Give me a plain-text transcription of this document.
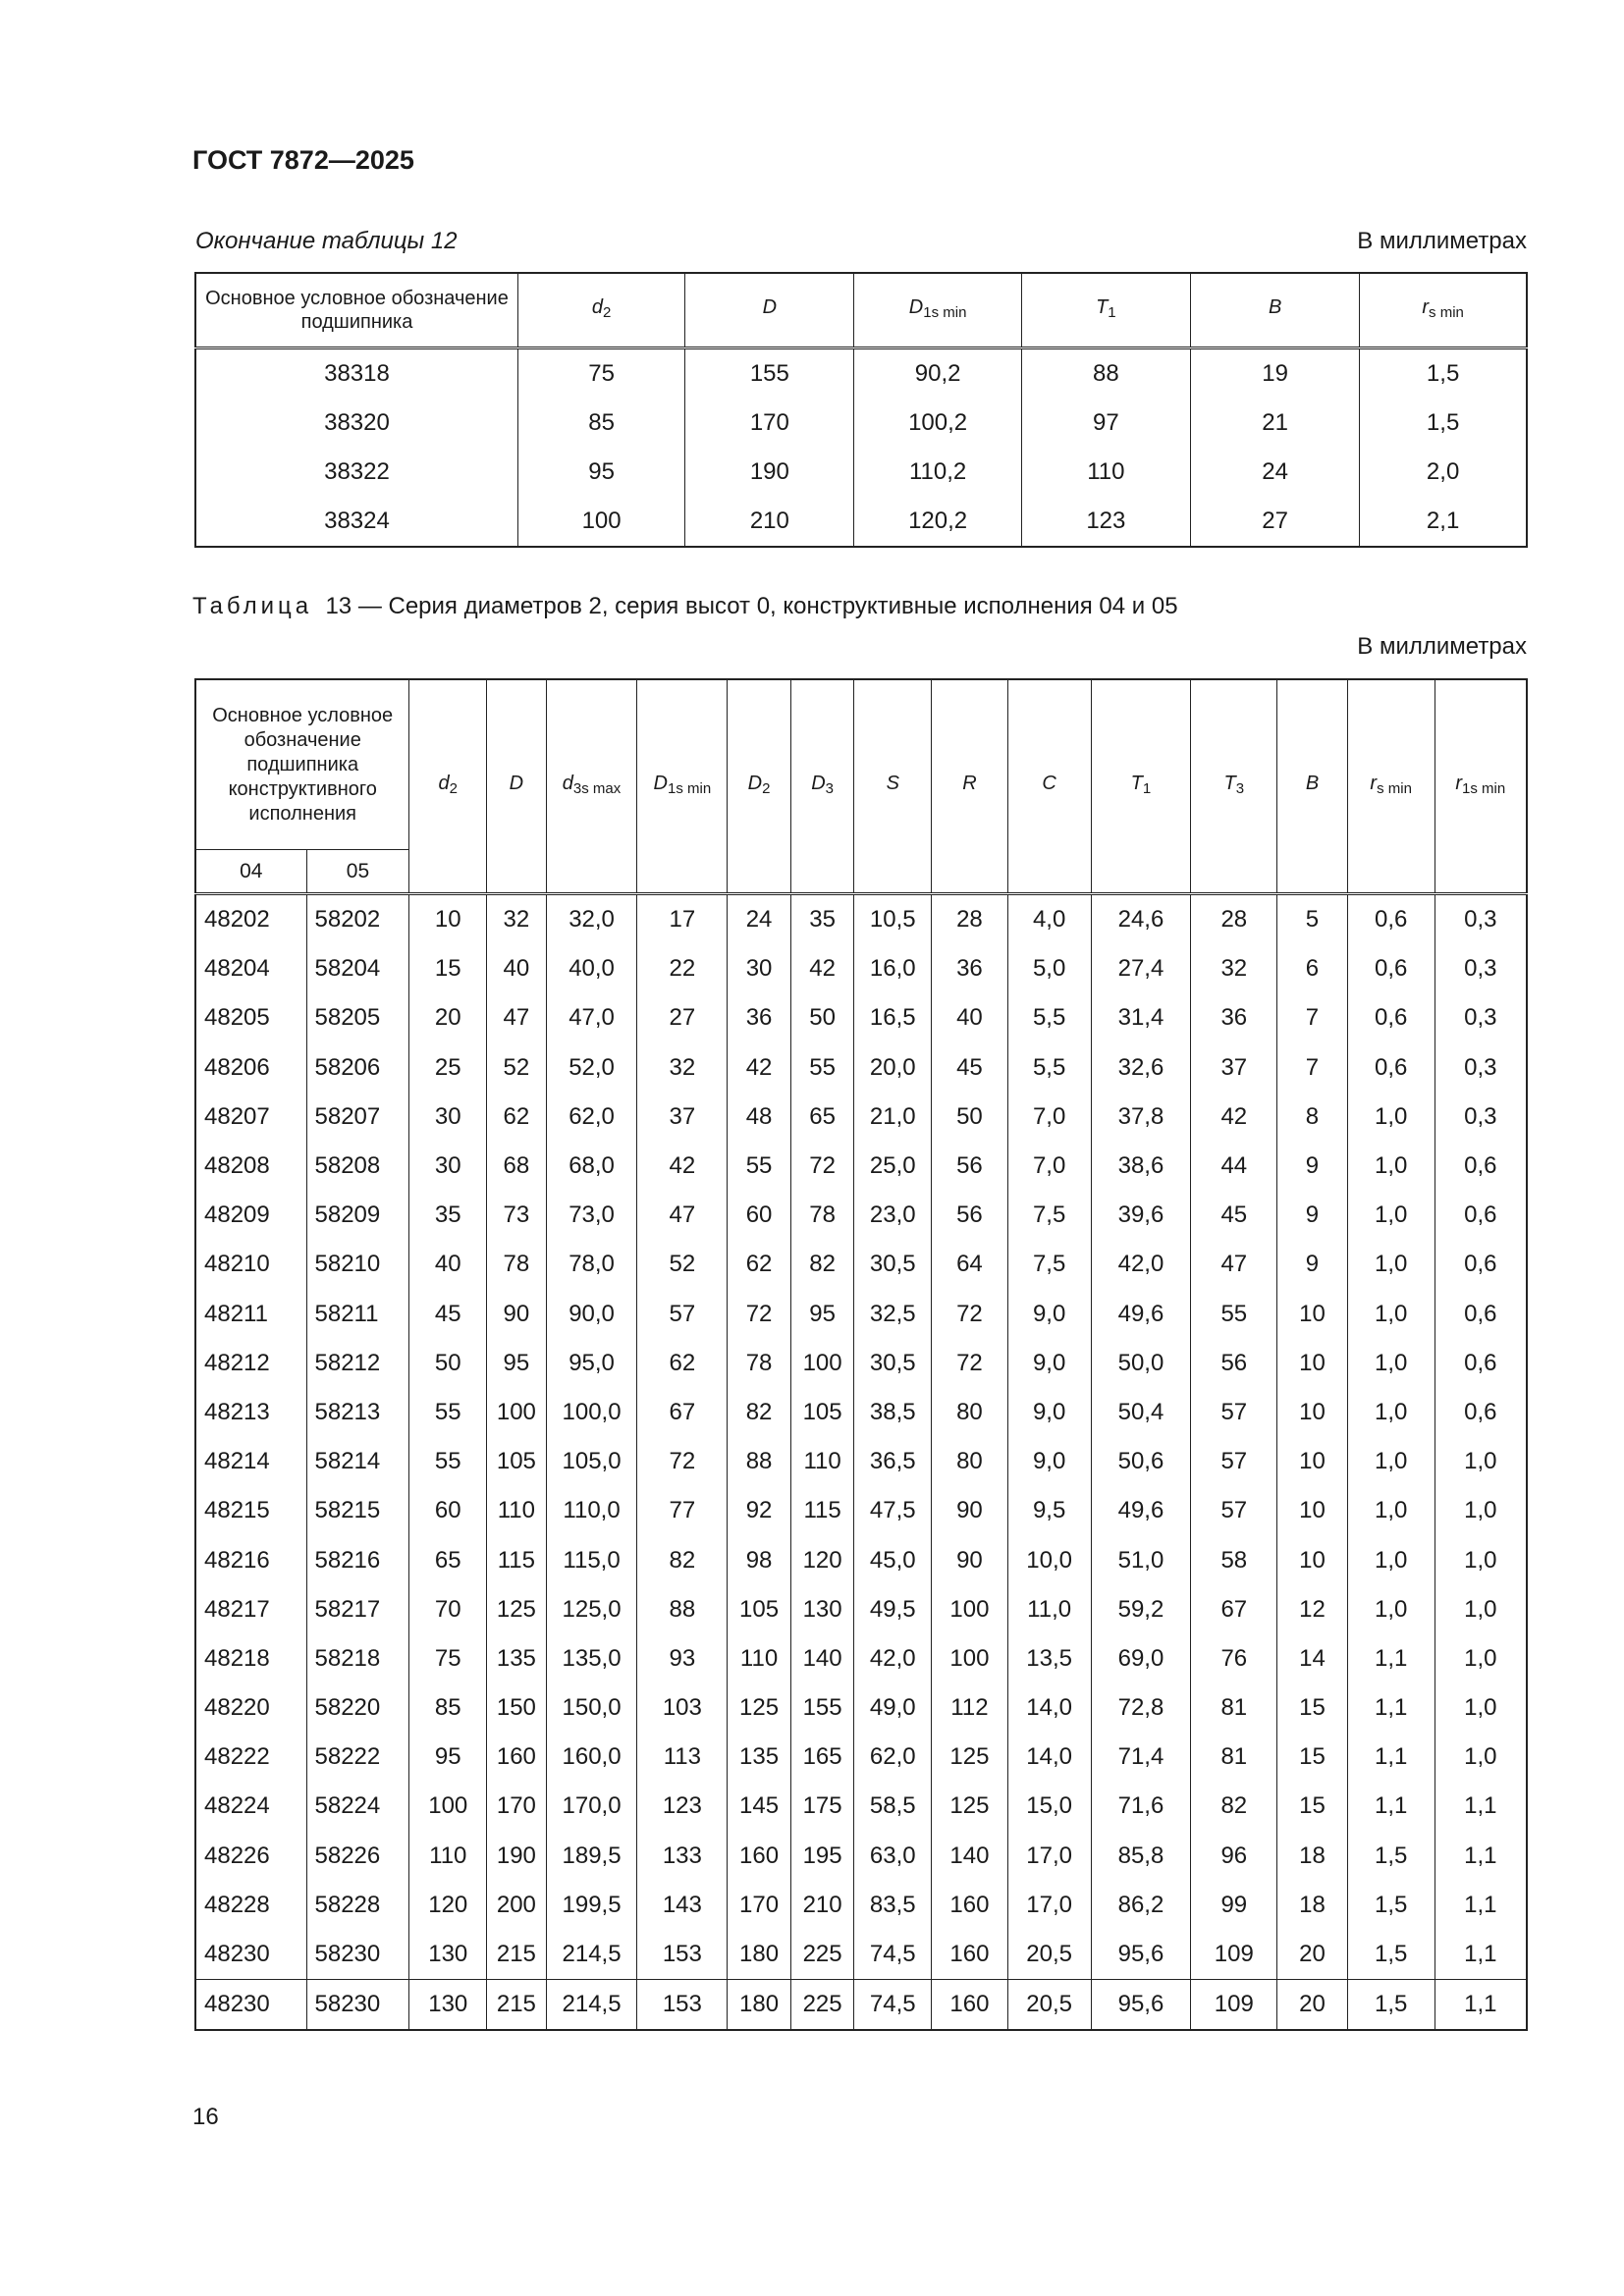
ГОСТ 7872—2025
Окончание таблицы 12	В миллиметрах
Основное условное обозначение подшипника	$d_2$	D	$D_{1s min}$	$T_1$	B	$r_{s min}$
38318	75	155	90,2	88	19	1,5
38320	85	170	100,2	97	21	1,5
38322	95	190	110,2	110	24	2,0
38324	100	210	120,2	123	27	2,1
Таблица 13 — Серия диаметров 2, серия высот 0, конструктивные исполнения 04 и 05
В миллиметрах
Основное условное обозначение подшипника конструктивного исполнения		$d_2$	D	$d_{3s max}$	$D_{1s min}$	$D_2$	$D_3$	S	R	C	$T_1$	$T_3$	B	$r_{s min}$	$r_{1s min}$
04	05														
48202	58202	10	32	32,0	17	24	35	10,5	28	4,0	24,6	28	5	0,6	0,3
48204	58204	15	40	40,0	22	30	42	16,0	36	5,0	27,4	32	6	0,6	0,3
48205	58205	20	47	47,0	27	36	50	16,5	40	5,5	31,4	36	7	0,6	0,3
48206	58206	25	52	52,0	32	42	55	20,0	45	5,5	32,6	37	7	0,6	0,3
48207	58207	30	62	62,0	37	48	65	21,0	50	7,0	37,8	42	8	1,0	0,3
48208	58208	30	68	68,0	42	55	72	25,0	56	7,0	38,6	44	9	1,0	0,6
48209	58209	35	73	73,0	47	60	78	23,0	56	7,5	39,6	45	9	1,0	0,6
48210	58210	40	78	78,0	52	62	82	30,5	64	7,5	42,0	47	9	1,0	0,6
48211	58211	45	90	90,0	57	72	95	32,5	72	9,0	49,6	55	10	1,0	0,6
48212	58212	50	95	95,0	62	78	100	30,5	72	9,0	50,0	56	10	1,0	0,6
48213	58213	55	100	100,0	67	82	105	38,5	80	9,0	50,4	57	10	1,0	0,6
48214	58214	55	105	105,0	72	88	110	36,5	80	9,0	50,6	57	10	1,0	1,0
48215	58215	60	110	110,0	77	92	115	47,5	90	9,5	49,6	57	10	1,0	1,0
48216	58216	65	115	115,0	82	98	120	45,0	90	10,0	51,0	58	10	1,0	1,0
48217	58217	70	125	125,0	88	105	130	49,5	100	11,0	59,2	67	12	1,0	1,0
48218	58218	75	135	135,0	93	110	140	42,0	100	13,5	69,0	76	14	1,1	1,0
48220	58220	85	150	150,0	103	125	155	49,0	112	14,0	72,8	81	15	1,1	1,0
48222	58222	95	160	160,0	113	135	165	62,0	125	14,0	71,4	81	15	1,1	1,0
48224	58224	100	170	170,0	123	145	175	58,5	125	15,0	71,6	82	15	1,1	1,1
48226	58226	110	190	189,5	133	160	195	63,0	140	17,0	85,8	96	18	1,5	1,1
48228	58228	120	200	199,5	143	170	210	83,5	160	17,0	86,2	99	18	1,5	1,1
48230	58230	130	215	214,5	153	180	225	74,5	160	20,5	95,6	109	20	1,5	1,1
48230	58230	130	215	214,5	153	180	225	74,5	160	20,5	95,6	109	20	1,5	1,1
16
